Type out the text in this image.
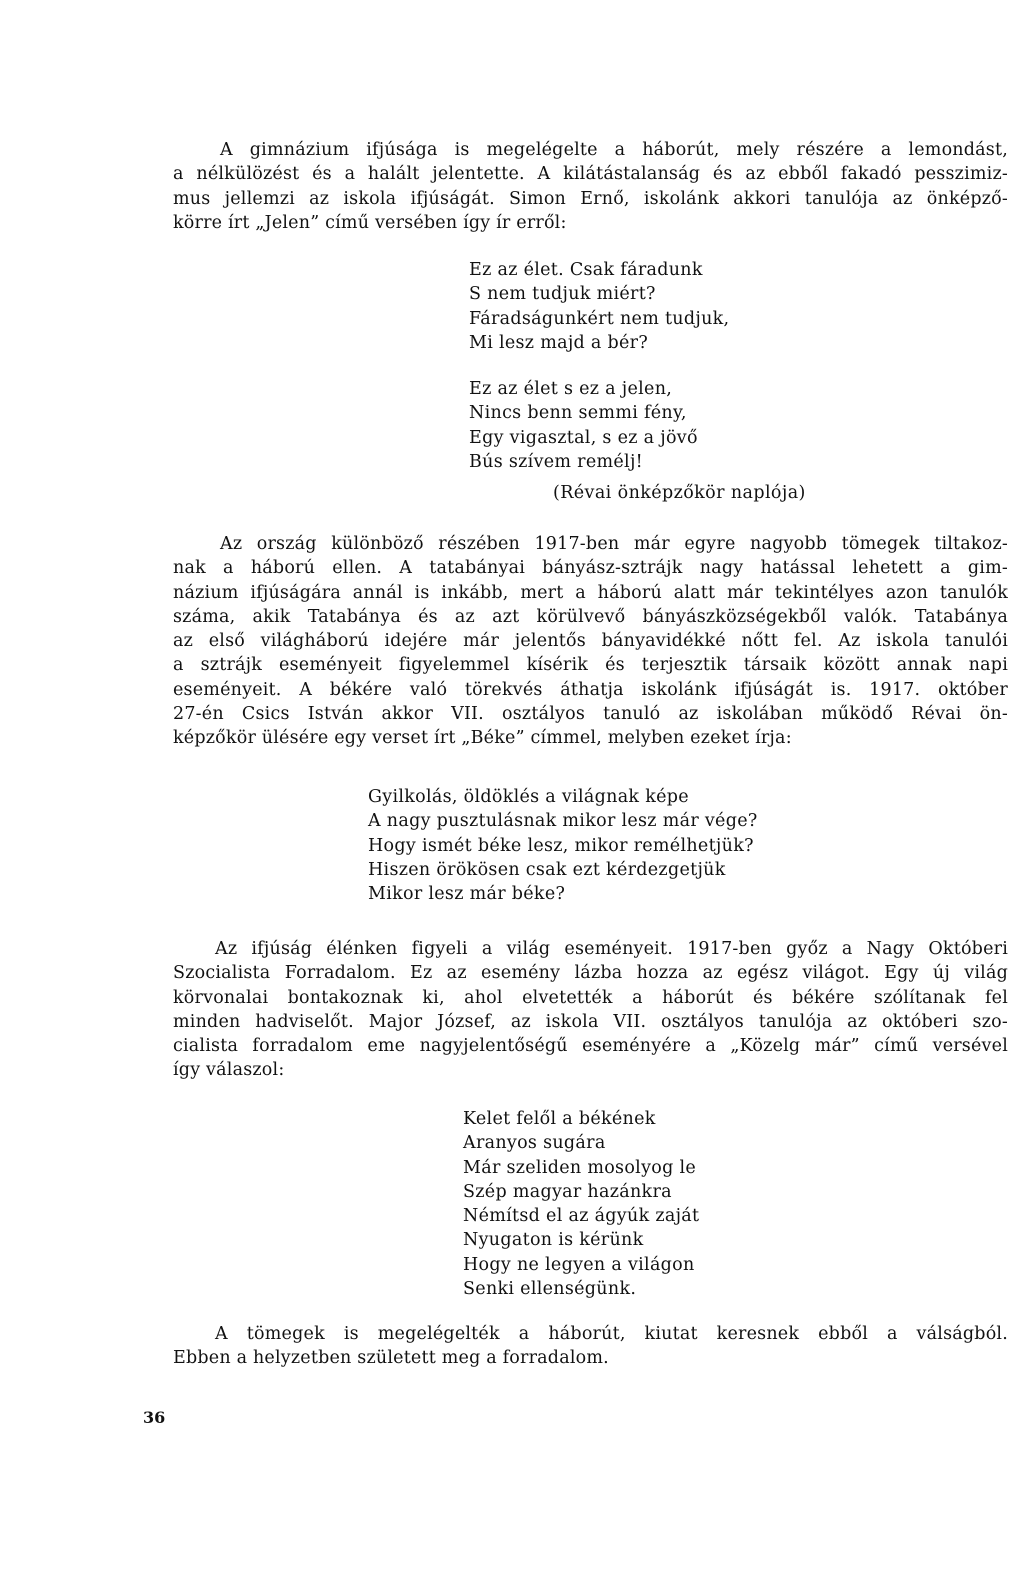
A gimnázium ifjúsága is megelégelte a háborút, mely részére a lemondást,
a nélkülözést és a halált jelentette. A kilátástalanság és az ebből fakadó pesszimiz-
mus jellemzi az iskola ifjúságát. Simon Ernő, iskolánk akkori tanulója az önképző-
körre írt „Jelen” című versében így ír erről:
Ez az élet. Csak fáradunk
S nem tudjuk miért?
Fáradságunkért nem tudjuk,
Mi lesz majd a bér?
Ez az élet s ez a jelen,
Nincs benn semmi fény,
Egy vigasztal, s ez a jövő
Bús szívem remélj!
(Révai önképzőkör naplója)
Az ország különböző részében 1917-ben már egyre nagyobb tömegek tiltakoz-
nak a háború ellen. A tatabányai bányász-sztrájk nagy hatással lehetett a gim-
názium ifjúságára annál is inkább, mert a háború alatt már tekintélyes azon tanulók
száma, akik Tatabánya és az azt körülvevő bányászközségekből valók. Tatabánya
az első világháború idejére már jelentős bányavidékké nőtt fel. Az iskola tanulói
a sztrájk eseményeit figyelemmel kísérik és terjesztik társaik között annak napi
eseményeit. A békére való törekvés áthatja iskolánk ifjúságát is. 1917. október
27-én Csics István akkor VII. osztályos tanuló az iskolában működő Révai ön-
képzőkör ülésére egy verset írt „Béke” címmel, melyben ezeket írja:
Gyilkolás, öldöklés a világnak képe
A nagy pusztulásnak mikor lesz már vége?
Hogy ismét béke lesz, mikor remélhetjük?
Hiszen örökösen csak ezt kérdezgetjük
Mikor lesz már béke?
Az ifjúság élénken figyeli a világ eseményeit. 1917-ben győz a Nagy Októberi
Szocialista Forradalom. Ez az esemény lázba hozza az egész világot. Egy új világ
körvonalai bontakoznak ki, ahol elvetették a háborút és békére szólítanak fel
minden hadviselőt. Major József, az iskola VII. osztályos tanulója az októberi szo-
cialista forradalom eme nagyjelentőségű eseményére a „Közelg már” című versével
így válaszol:
Kelet felől a békének
Aranyos sugára
Már szeliden mosolyog le
Szép magyar hazánkra
Némítsd el az ágyúk zaját
Nyugaton is kérünk
Hogy ne legyen a világon
Senki ellenségünk.
A tömegek is megelégelték a háborút, kiutat keresnek ebből a válságból.
Ebben a helyzetben született meg a forradalom.
36
